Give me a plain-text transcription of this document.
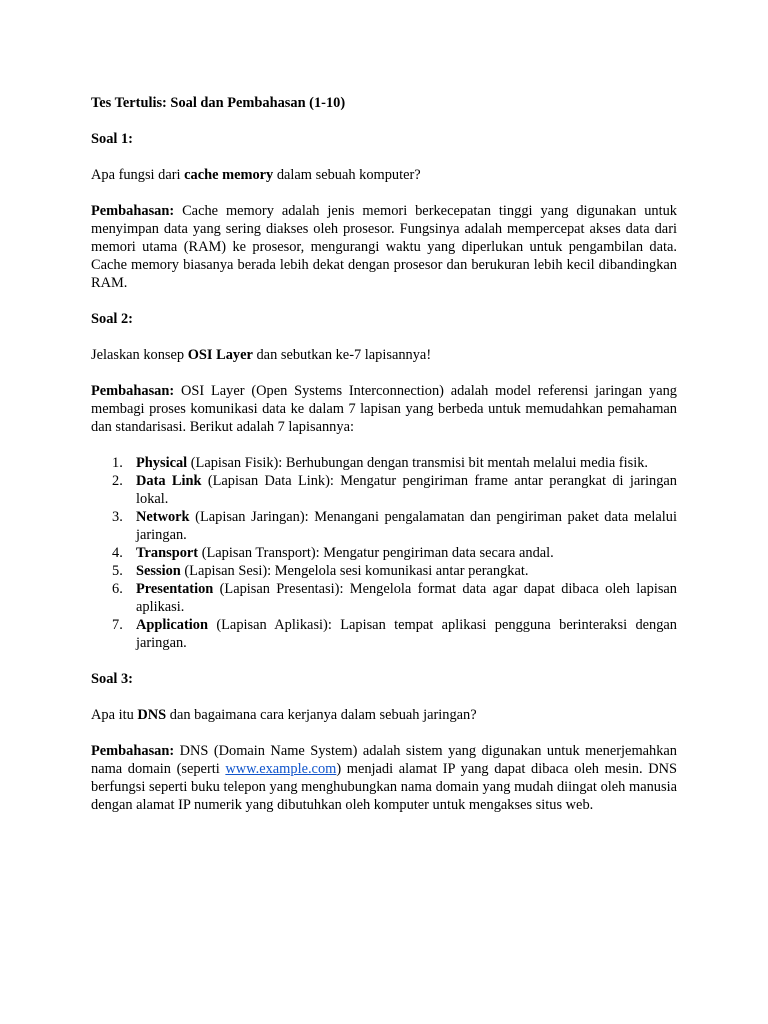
Tes Tertulis: Soal dan Pembahasan (1-10)

Soal 1:

Apa fungsi dari cache memory dalam sebuah komputer?

Pembahasan: Cache memory adalah jenis memori berkecepatan tinggi yang digunakan untuk menyimpan data yang sering diakses oleh prosesor. Fungsinya adalah mempercepat akses data dari memori utama (RAM) ke prosesor, mengurangi waktu yang diperlukan untuk pengambilan data. Cache memory biasanya berada lebih dekat dengan prosesor dan berukuran lebih kecil dibandingkan RAM.

Soal 2:

Jelaskan konsep OSI Layer dan sebutkan ke-7 lapisannya!

Pembahasan: OSI Layer (Open Systems Interconnection) adalah model referensi jaringan yang membagi proses komunikasi data ke dalam 7 lapisan yang berbeda untuk memudahkan pemahaman dan standarisasi. Berikut adalah 7 lapisannya:

1. Physical (Lapisan Fisik): Berhubungan dengan transmisi bit mentah melalui media fisik.
2. Data Link (Lapisan Data Link): Mengatur pengiriman frame antar perangkat di jaringan lokal.
3. Network (Lapisan Jaringan): Menangani pengalamatan dan pengiriman paket data melalui jaringan.
4. Transport (Lapisan Transport): Mengatur pengiriman data secara andal.
5. Session (Lapisan Sesi): Mengelola sesi komunikasi antar perangkat.
6. Presentation (Lapisan Presentasi): Mengelola format data agar dapat dibaca oleh lapisan aplikasi.
7. Application (Lapisan Aplikasi): Lapisan tempat aplikasi pengguna berinteraksi dengan jaringan.

Soal 3:

Apa itu DNS dan bagaimana cara kerjanya dalam sebuah jaringan?

Pembahasan: DNS (Domain Name System) adalah sistem yang digunakan untuk menerjemahkan nama domain (seperti www.example.com) menjadi alamat IP yang dapat dibaca oleh mesin. DNS berfungsi seperti buku telepon yang menghubungkan nama domain yang mudah diingat oleh manusia dengan alamat IP numerik yang dibutuhkan oleh komputer untuk mengakses situs web.
